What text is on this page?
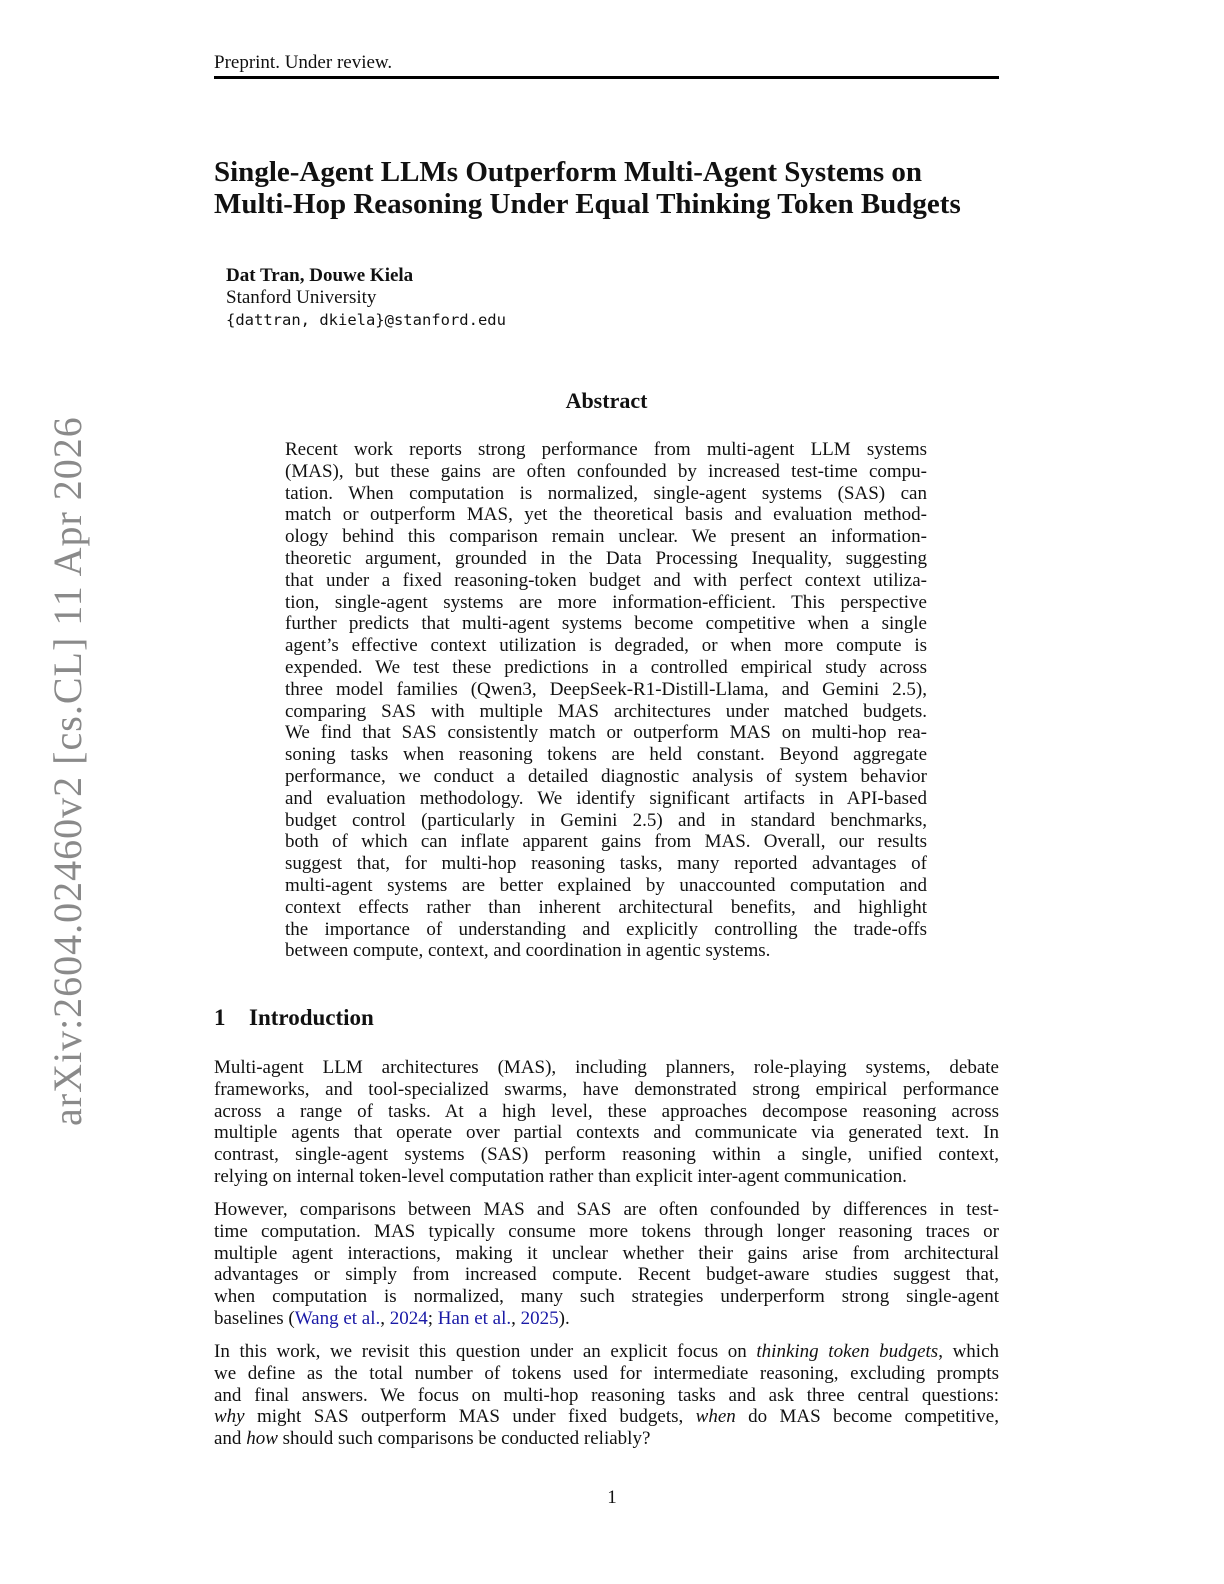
Preprint. Under review.
arXiv:2604.02460v2 [cs.CL] 11 Apr 2026
Single-Agent LLMs Outperform Multi-Agent Systems on
Multi-Hop Reasoning Under Equal Thinking Token Budgets
Dat Tran, Douwe Kiela
Stanford University
{dattran, dkiela}@stanford.edu
Abstract
Recent work reports strong performance from multi-agent LLM systems
(MAS), but these gains are often confounded by increased test-time compu-
tation. When computation is normalized, single-agent systems (SAS) can
match or outperform MAS, yet the theoretical basis and evaluation method-
ology behind this comparison remain unclear. We present an information-
theoretic argument, grounded in the Data Processing Inequality, suggesting
that under a fixed reasoning-token budget and with perfect context utiliza-
tion, single-agent systems are more information-efficient. This perspective
further predicts that multi-agent systems become competitive when a single
agent’s effective context utilization is degraded, or when more compute is
expended. We test these predictions in a controlled empirical study across
three model families (Qwen3, DeepSeek-R1-Distill-Llama, and Gemini 2.5),
comparing SAS with multiple MAS architectures under matched budgets.
We find that SAS consistently match or outperform MAS on multi-hop rea-
soning tasks when reasoning tokens are held constant. Beyond aggregate
performance, we conduct a detailed diagnostic analysis of system behavior
and evaluation methodology. We identify significant artifacts in API-based
budget control (particularly in Gemini 2.5) and in standard benchmarks,
both of which can inflate apparent gains from MAS. Overall, our results
suggest that, for multi-hop reasoning tasks, many reported advantages of
multi-agent systems are better explained by unaccounted computation and
context effects rather than inherent architectural benefits, and highlight
the importance of understanding and explicitly controlling the trade-offs
between compute, context, and coordination in agentic systems.
1 Introduction
Multi-agent LLM architectures (MAS), including planners, role-playing systems, debate
frameworks, and tool-specialized swarms, have demonstrated strong empirical performance
across a range of tasks. At a high level, these approaches decompose reasoning across
multiple agents that operate over partial contexts and communicate via generated text. In
contrast, single-agent systems (SAS) perform reasoning within a single, unified context,
relying on internal token-level computation rather than explicit inter-agent communication.
However, comparisons between MAS and SAS are often confounded by differences in test-
time computation. MAS typically consume more tokens through longer reasoning traces or
multiple agent interactions, making it unclear whether their gains arise from architectural
advantages or simply from increased compute. Recent budget-aware studies suggest that,
when computation is normalized, many such strategies underperform strong single-agent
baselines (Wang et al., 2024; Han et al., 2025).
In this work, we revisit this question under an explicit focus on thinking token budgets, which
we define as the total number of tokens used for intermediate reasoning, excluding prompts
and final answers. We focus on multi-hop reasoning tasks and ask three central questions:
why might SAS outperform MAS under fixed budgets, when do MAS become competitive,
and how should such comparisons be conducted reliably?
1
